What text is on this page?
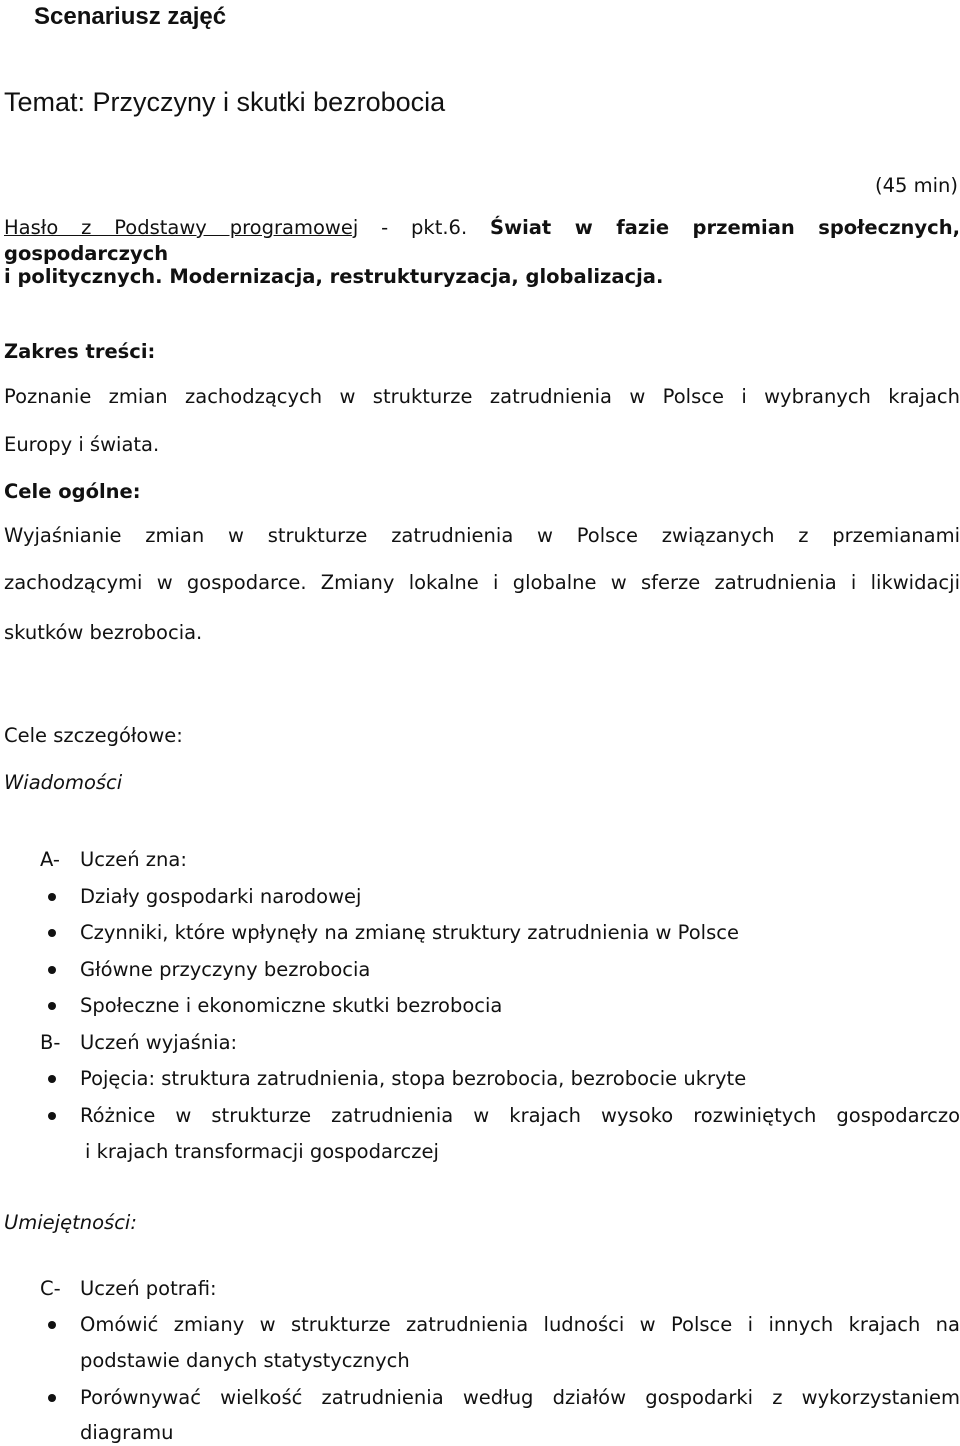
Scenariusz zajęć
Temat: Przyczyny i skutki bezrobocia
(45 min)
Hasło z Podstawy programowej - pkt.6. Świat w fazie przemian społecznych, gospodarczych
i politycznych. Modernizacja, restrukturyzacja, globalizacja.
Zakres treści:
Poznanie zmian zachodzących w strukturze zatrudnienia w Polsce i wybranych krajach
Europy i świata.
Cele ogólne:
Wyjaśnianie zmian w strukturze zatrudnienia w Polsce związanych z przemianami
zachodzącymi w gospodarce. Zmiany lokalne i globalne w sferze zatrudnienia i likwidacji
skutków bezrobocia.
Cele szczegółowe:
Wiadomości
A- Uczeń zna:
Działy gospodarki narodowej
Czynniki, które wpłynęły na zmianę struktury zatrudnienia w Polsce
Główne przyczyny bezrobocia
Społeczne i ekonomiczne skutki bezrobocia
B- Uczeń wyjaśnia:
Pojęcia: struktura zatrudnienia, stopa bezrobocia, bezrobocie ukryte
Różnice w strukturze zatrudnienia w krajach wysoko rozwiniętych gospodarczo
i krajach transformacji gospodarczej
Umiejętności:
C- Uczeń potrafi:
Omówić zmiany w strukturze zatrudnienia ludności w Polsce i innych krajach na
podstawie danych statystycznych
Porównywać wielkość zatrudnienia według działów gospodarki z wykorzystaniem
diagramu
